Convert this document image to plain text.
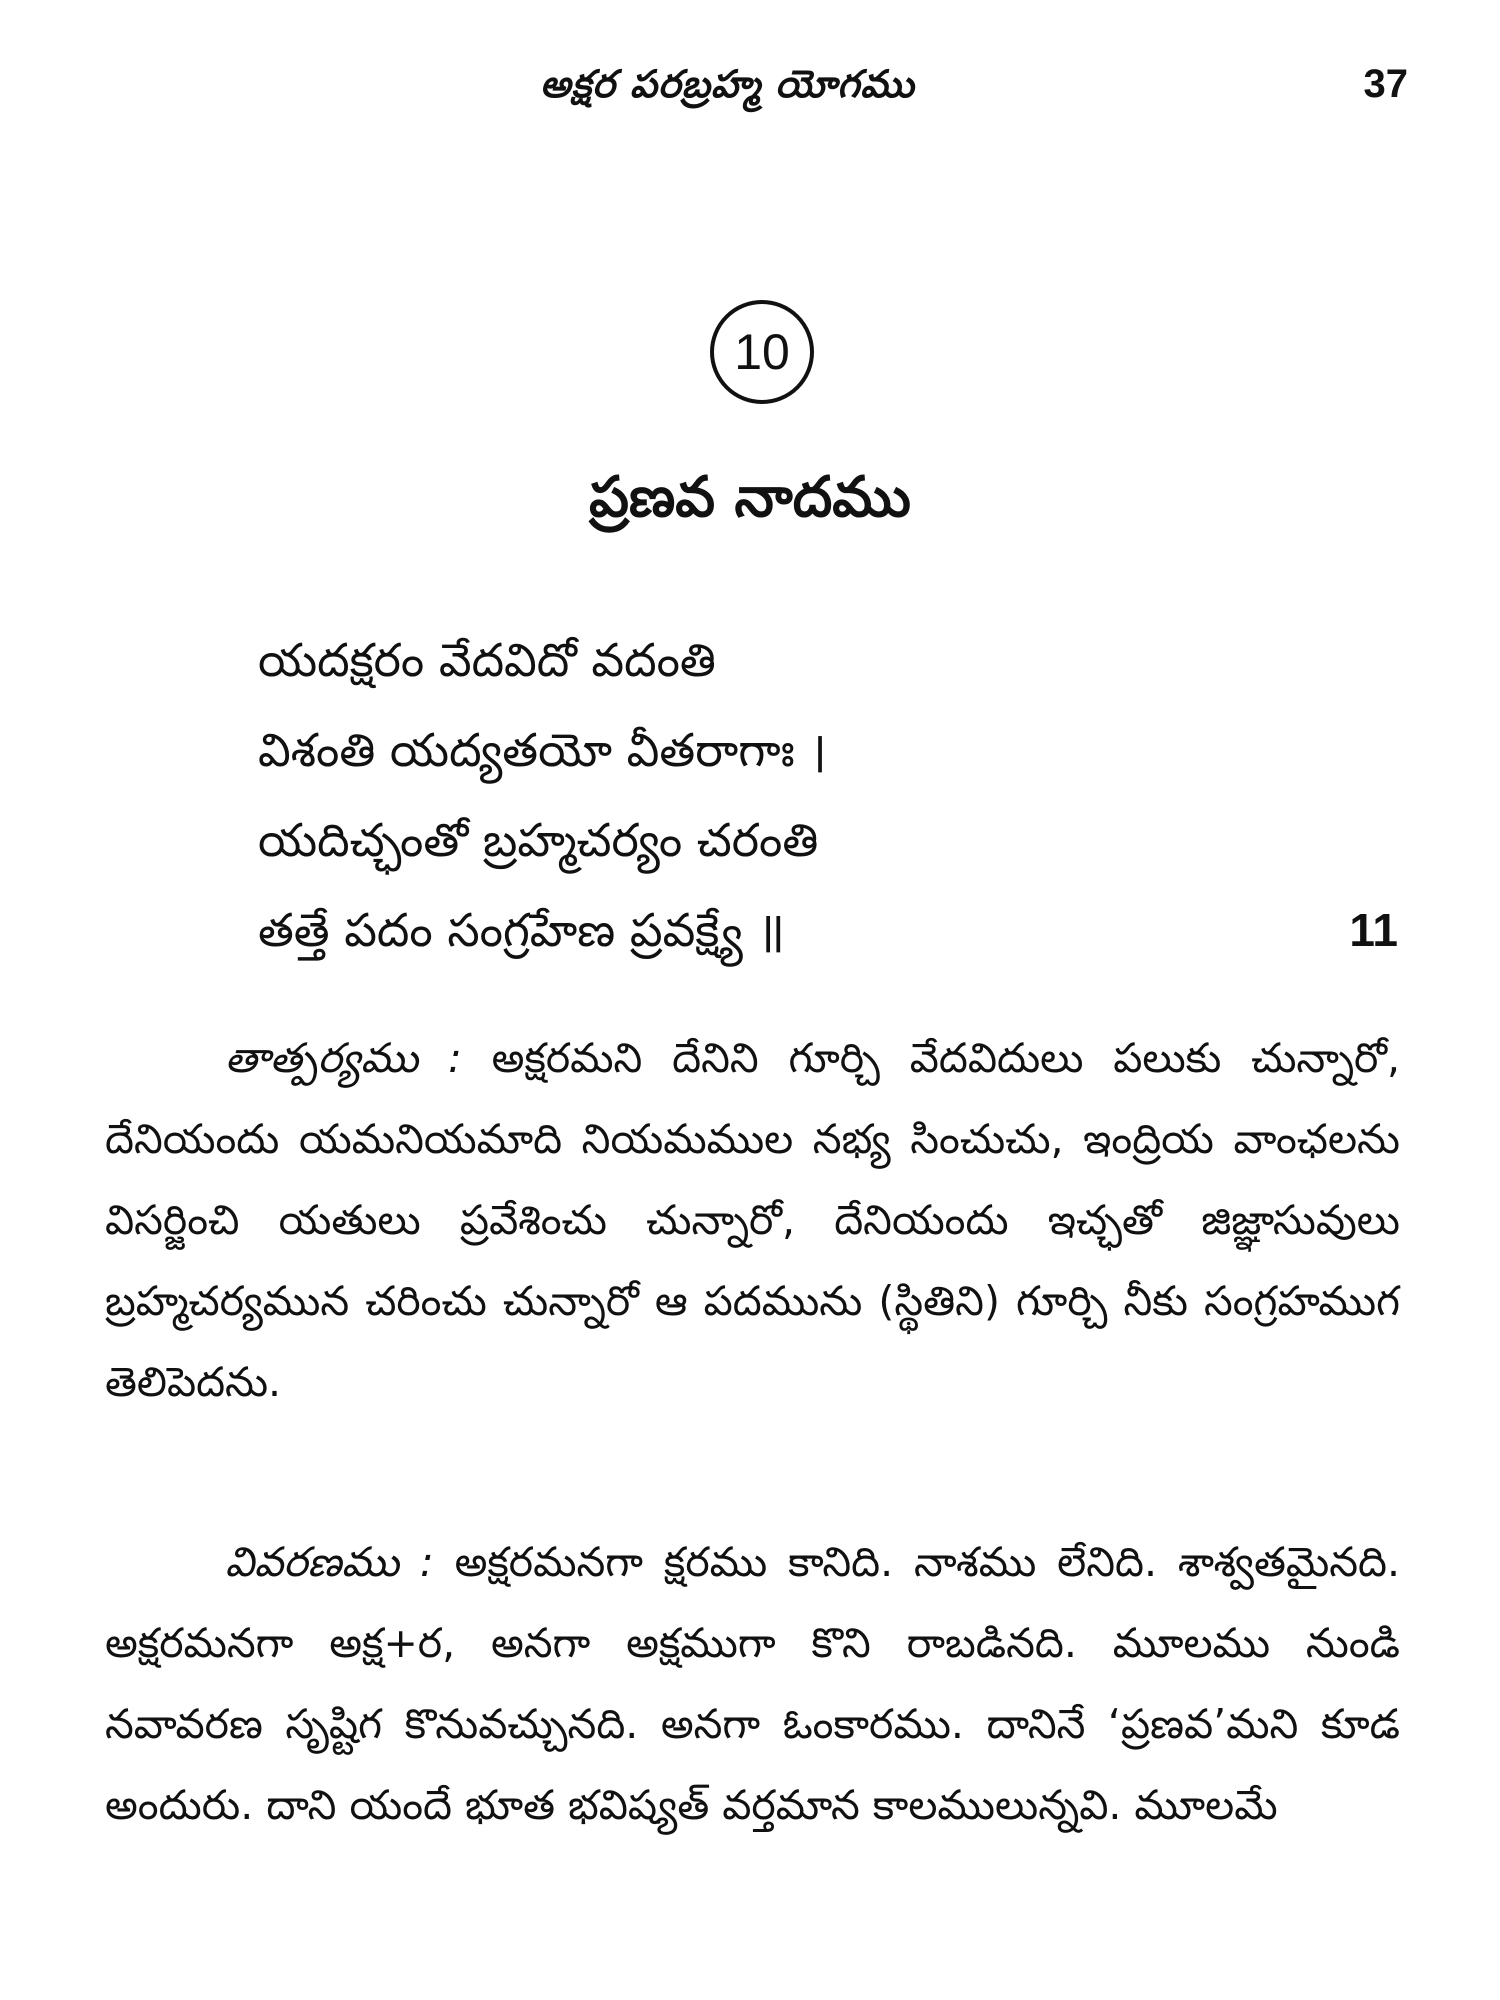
అక్షర పరబ్రహ్మ యోగము	37
10
ప్రణవ నాదము
యదక్షరం వేదవిదో వదంతి
విశంతి యద్యతయో వీతరాగాః ।
యదిచ్ఛంతో బ్రహ్మచర్యం చరంతి
తత్తే పదం సంగ్రహేణ ప్రవక్ష్యే ॥	11
తాత్పర్యము : అక్షరమని దేనిని గూర్చి వేదవిదులు పలుకు చున్నారో, దేనియందు యమనియమాది నియమముల నభ్య సించుచు, ఇంద్రియ వాంఛలను విసర్జించి యతులు ప్రవేశించు చున్నారో, దేనియందు ఇచ్ఛతో జిజ్ఞాసువులు బ్రహ్మచర్యమున చరించు చున్నారో ఆ పదమును (స్థితిని) గూర్చి నీకు సంగ్రహముగ తెలిపెదను.
వివరణము : అక్షరమనగా క్షరము కానిది. నాశము లేనిది. శాశ్వతమైనది. అక్షరమనగా అక్ష+ర, అనగా అక్షముగా కొని రాబడినది. మూలము నుండి నవావరణ సృష్టిగ కొనువచ్చునది. అనగా ఓంకారము. దానినే ‘ప్రణవ’మని కూడ అందురు. దాని యందే భూత భవిష్యత్ వర్తమాన కాలములున్నవి. మూలమే
